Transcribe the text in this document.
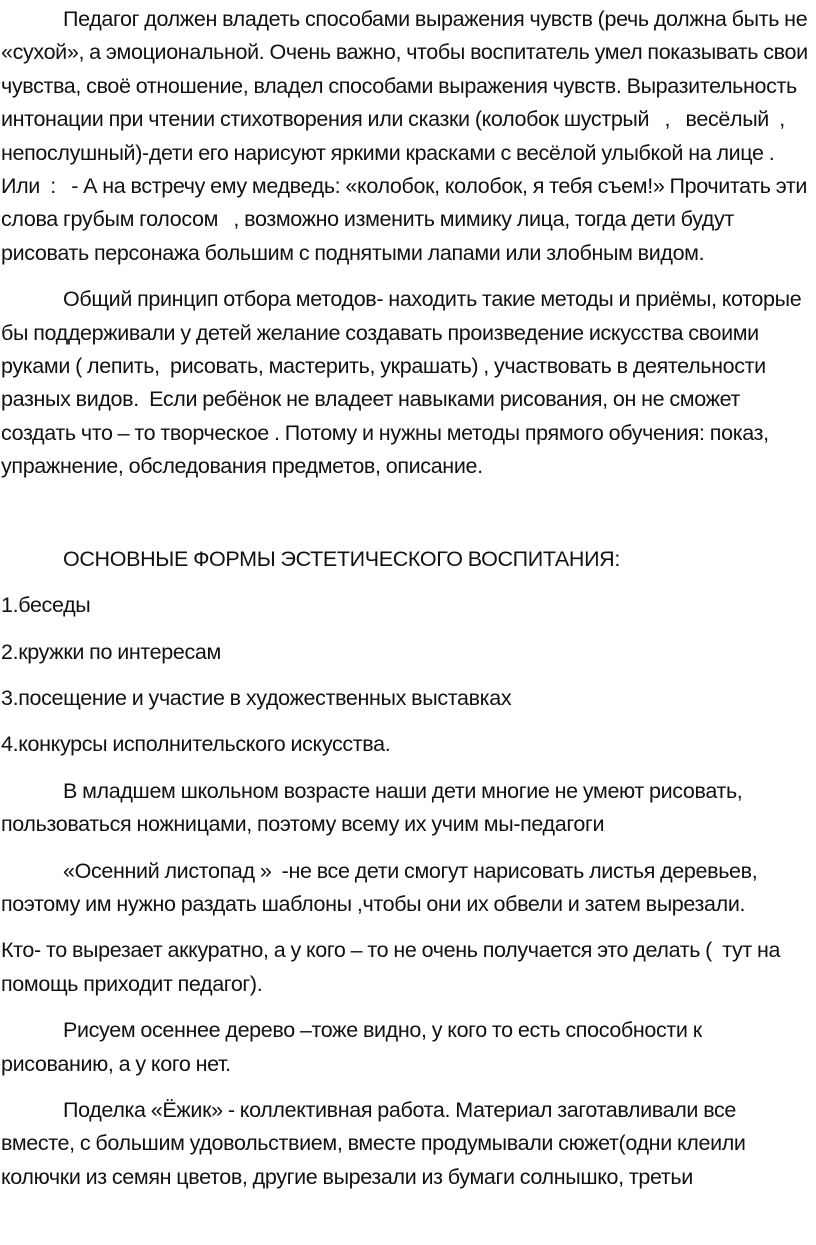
Педагог должен владеть способами выражения чувств (речь должна быть не «сухой», а эмоциональной. Очень важно, чтобы воспитатель умел показывать свои чувства, своё отношение, владел способами выражения чувств. Выразительность интонации при чтении стихотворения или сказки (колобок шустрый   ,   весёлый  , непослушный)-дети его нарисуют яркими красками с весёлой улыбкой на лице .  Или  :   - А на встречу ему медведь: «колобок, колобок, я тебя съем!» Прочитать эти слова грубым голосом   , возможно изменить мимику лица, тогда дети будут рисовать персонажа большим с поднятыми лапами или злобным видом.

Общий принцип отбора методов- находить такие методы и приёмы, которые бы поддерживали у детей желание создавать произведение искусства своими руками ( лепить,  рисовать, мастерить, украшать) , участвовать в деятельности разных видов.  Если ребёнок не владеет навыками рисования, он не сможет создать что – то творческое . Потому и нужны методы прямого обучения: показ, упражнение, обследования предметов, описание.

ОСНОВНЫЕ ФОРМЫ ЭСТЕТИЧЕСКОГО ВОСПИТАНИЯ:

1.беседы

2.кружки по интересам

3.посещение и участие в художественных выставках

4.конкурсы исполнительского искусства.

В младшем школьном возрасте наши дети многие не умеют рисовать, пользоваться ножницами, поэтому всему их учим мы-педагоги

«Осенний листопад »  -не все дети смогут нарисовать листья деревьев, поэтому им нужно раздать шаблоны ,чтобы они их обвели и затем вырезали.

Кто- то вырезает аккуратно, а у кого – то не очень получается это делать (  тут на помощь приходит педагог).

Рисуем осеннее дерево –тоже видно, у кого то есть способности к рисованию, а у кого нет.

Поделка «Ёжик» - коллективная работа. Материал заготавливали все вместе, с большим удовольствием, вместе продумывали сюжет(одни клеили колючки из семян цветов, другие вырезали из бумаги солнышко, третьи
